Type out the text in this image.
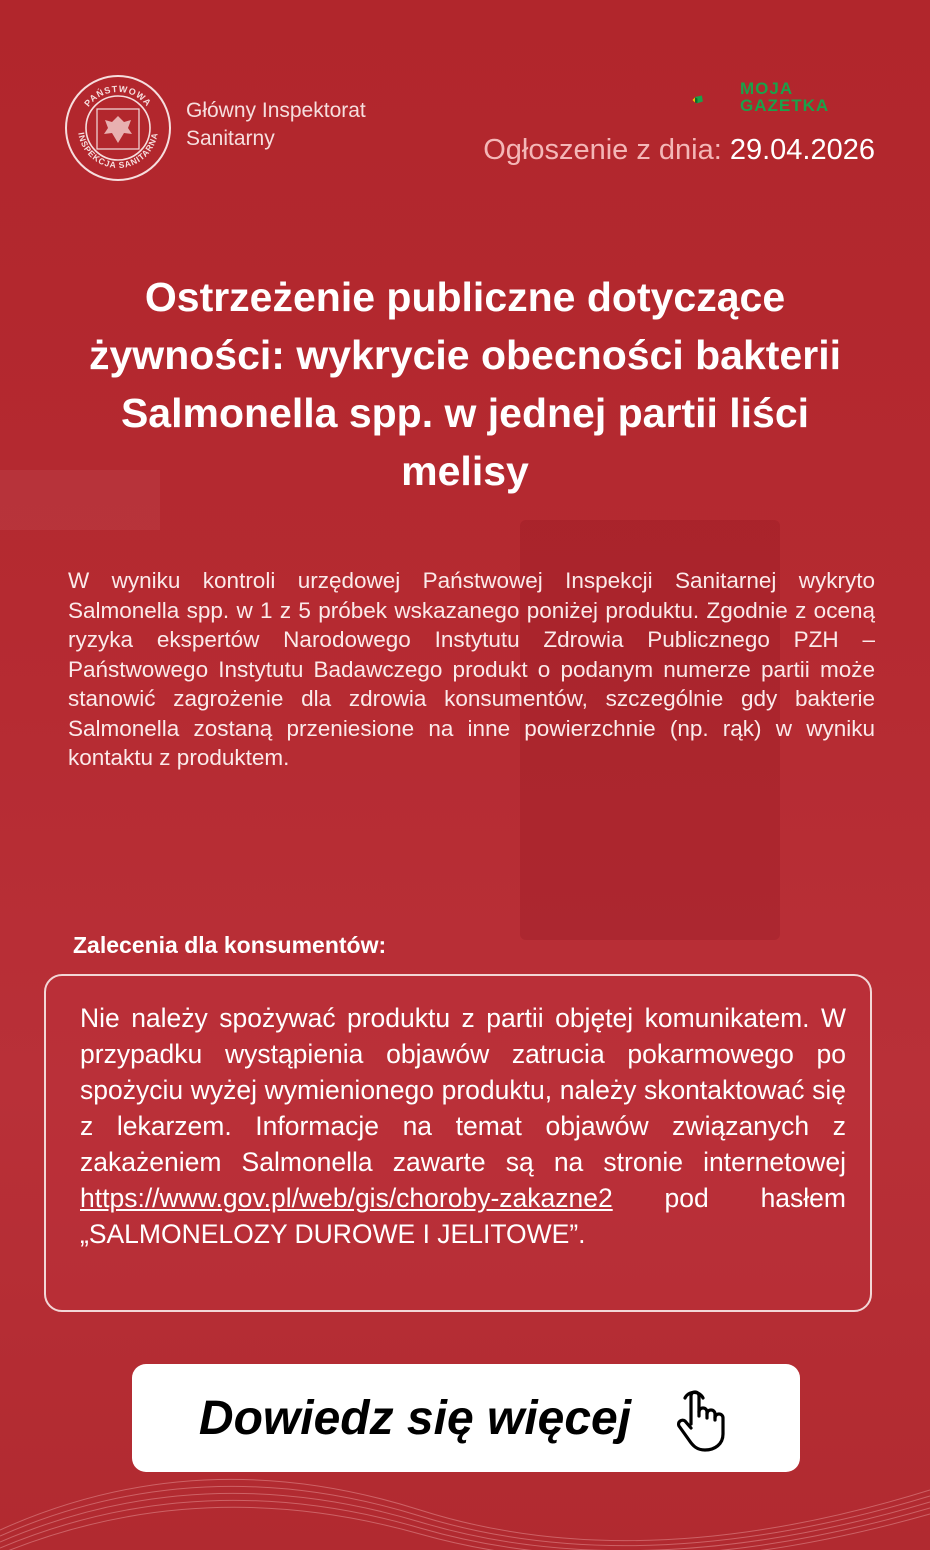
PAŃSTWOWA
INSPEKCJA SANITARNA
Główny Inspektorat
Sanitarny
MOJA
GAZETKA
Ogłoszenie z dnia: 29.04.2026
Ostrzeżenie publiczne dotyczące żywności: wykrycie obecności bakterii Salmonella spp. w jednej partii liści melisy

W wyniku kontroli urzędowej Państwowej Inspekcji Sanitarnej wykryto Salmonella spp. w 1 z 5 próbek wskazanego poniżej produktu. Zgodnie z oceną ryzyka ekspertów Narodowego Instytutu Zdrowia Publicznego PZH – Państwowego Instytutu Badawczego produkt o podanym numerze partii może stanowić zagrożenie dla zdrowia konsumentów, szczególnie gdy bakterie Salmonella zostaną przeniesione na inne powierzchnie (np. rąk) w wyniku kontaktu z produktem.

Zalecenia dla konsumentów:

Nie należy spożywać produktu z partii objętej komunikatem. W przypadku wystąpienia objawów zatrucia pokarmowego po spożyciu wyżej wymienionego produktu, należy skontaktować się z lekarzem. Informacje na temat objawów związanych z zakażeniem Salmonella zawarte są na stronie internetowej https://www.gov.pl/web/gis/choroby-zakazne2 pod hasłem „SALMONELOZY DUROWE I JELITOWE”.

Dowiedz się więcej
